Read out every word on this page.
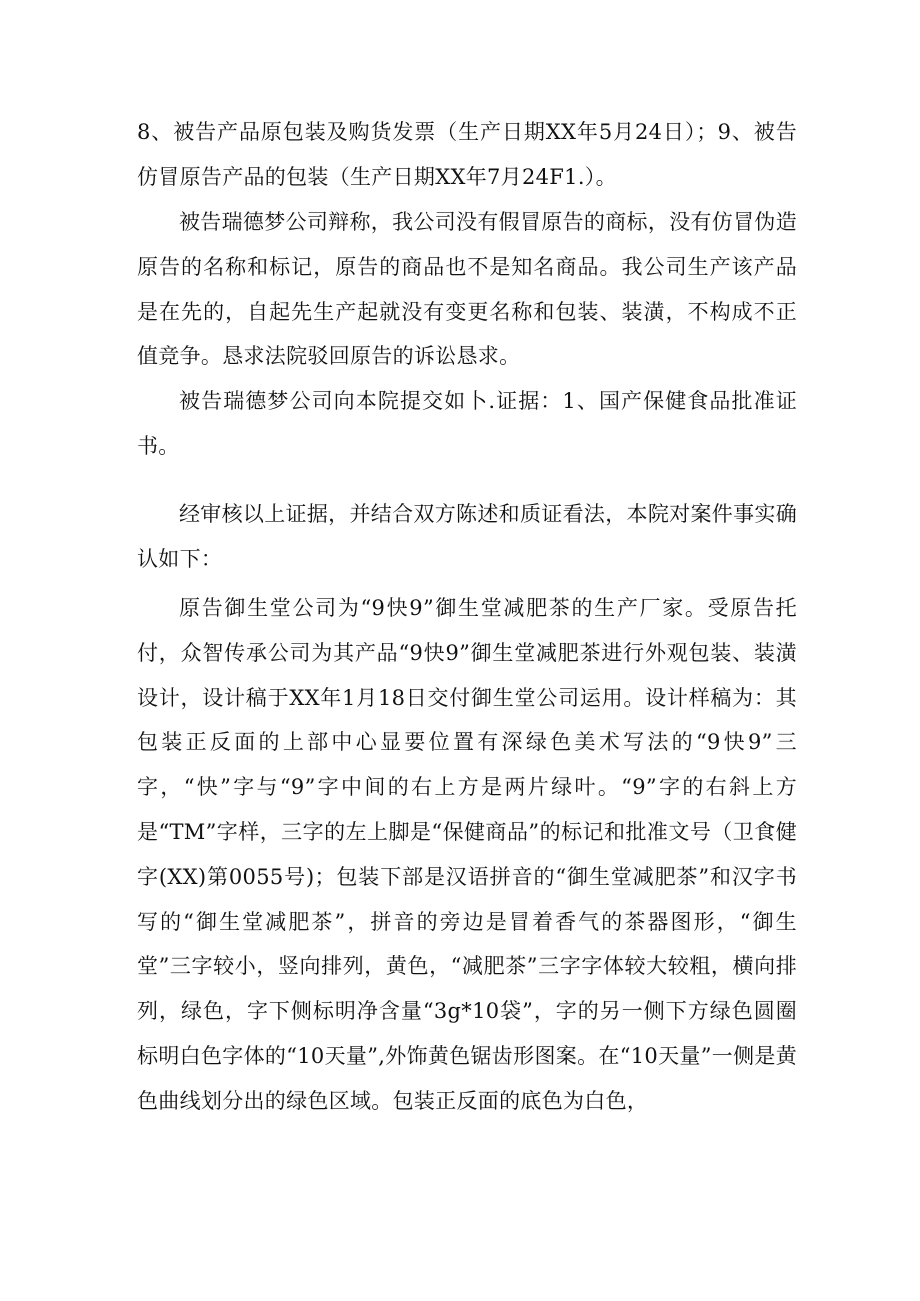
8、被告产品原包装及购货发票（生产日期XX年5月24日）；9、被告仿冒原告产品的包装（生产日期XX年7月24F1.）。

被告瑞德梦公司辩称，我公司没有假冒原告的商标，没有仿冒伪造原告的名称和标记，原告的商品也不是知名商品。我公司生产该产品是在先的，自起先生产起就没有变更名称和包装、装潢，不构成不正值竞争。恳求法院驳回原告的诉讼恳求。

被告瑞德梦公司向本院提交如卜.证据：1、国产保健食品批准证书。

经审核以上证据，并结合双方陈述和质证看法，本院对案件事实确认如下：

原告御生堂公司为“9快9”御生堂减肥茶的生产厂家。受原告托付，众智传承公司为其产品“9快9”御生堂减肥茶进行外观包装、装潢设计，设计稿于XX年1月18日交付御生堂公司运用。设计样稿为：其包装正反面的上部中心显要位置有深绿色美术写法的“9快9”三字，“快”字与“9”字中间的右上方是两片绿叶。“9”字的右斜上方是“TM”字样，三字的左上脚是“保健商品”的标记和批准文号（卫食健字(XX)第0055号)；包装下部是汉语拼音的“御生堂减肥茶”和汉字书写的“御生堂减肥茶”，拼音的旁边是冒着香气的茶器图形，“御生堂”三字较小，竖向排列，黄色，“减肥茶”三字字体较大较粗，横向排列，绿色，字下侧标明净含量“3g*10袋”，字的另一侧下方绿色圆圈标明白色字体的“10天量”,外饰黄色锯齿形图案。在“10天量”一侧是黄色曲线划分出的绿色区域。包装正反面的底色为白色，
